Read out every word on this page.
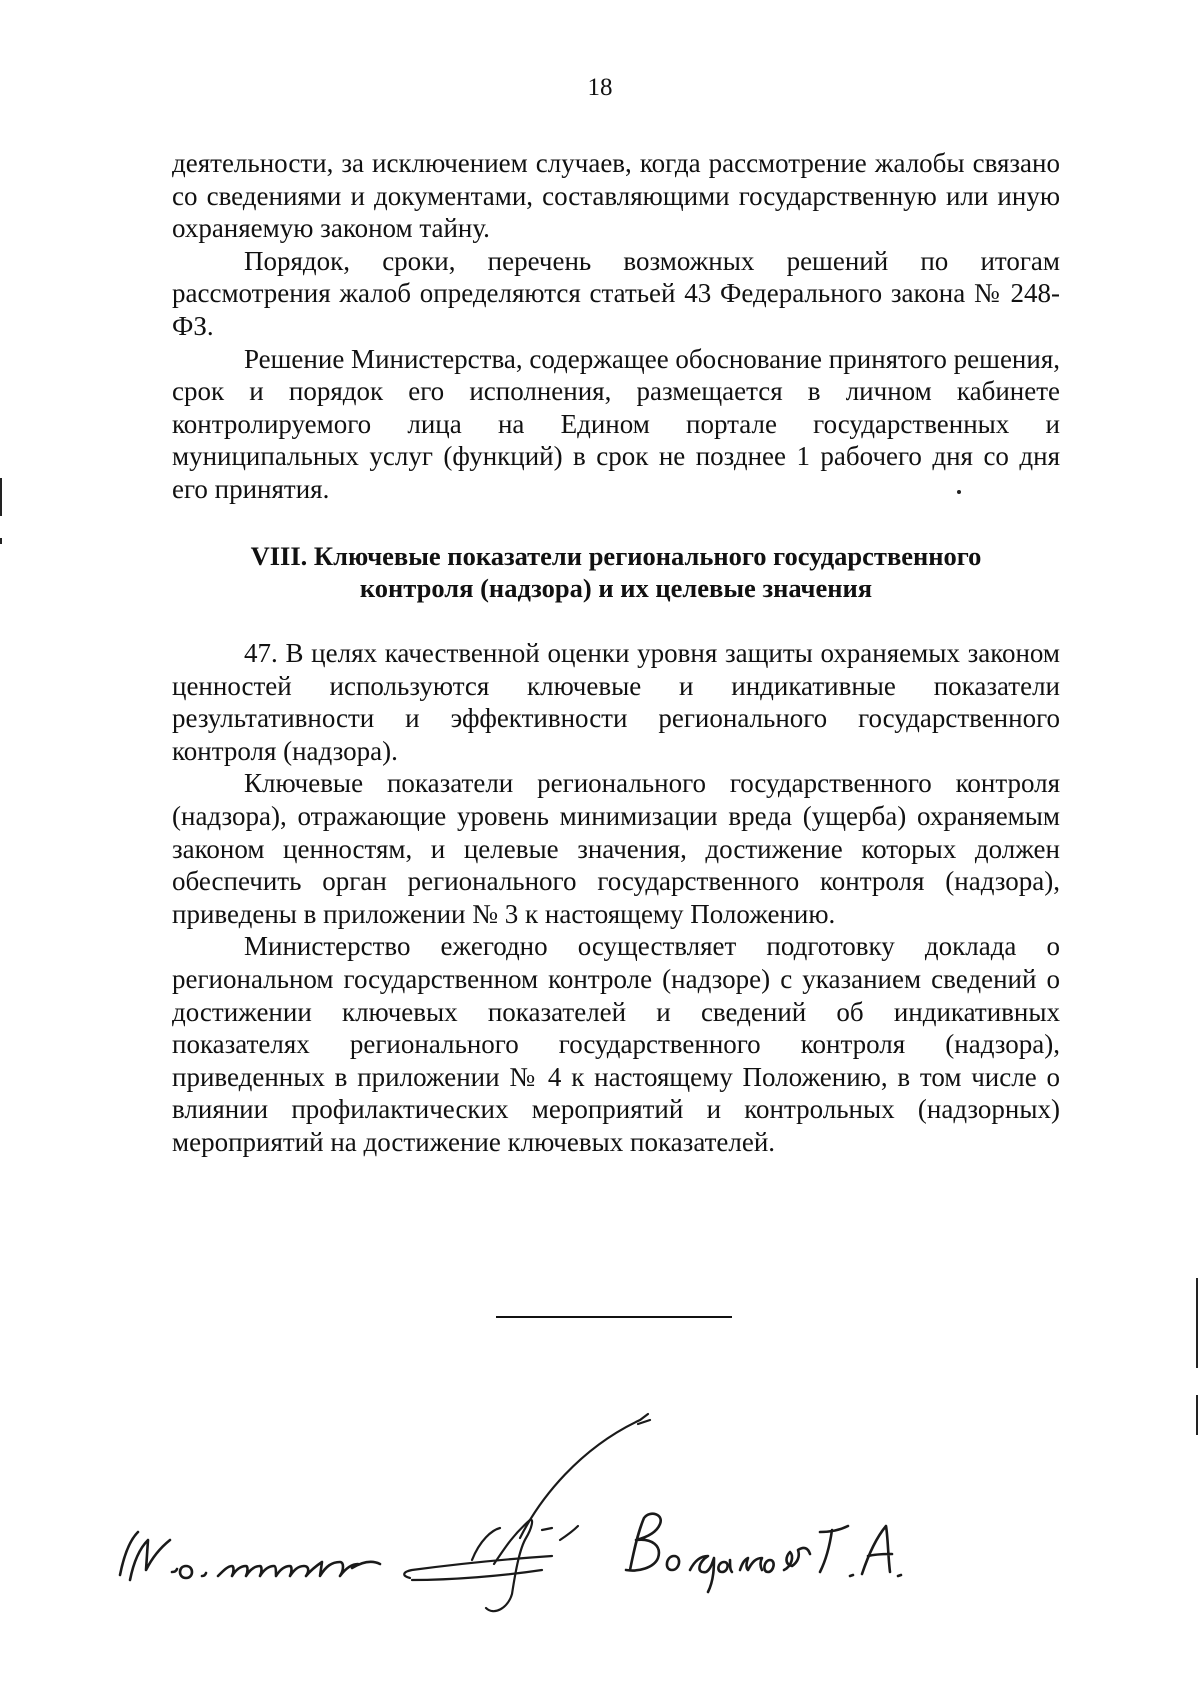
18

деятельности, за исключением случаев, когда рассмотрение жалобы связано со сведениями и документами, составляющими государственную или иную охраняемую законом тайну.

Порядок, сроки, перечень возможных решений по итогам рассмотрения жалоб определяются статьей 43 Федерального закона № 248-ФЗ.

Решение Министерства, содержащее обоснование принятого решения, срок и порядок его исполнения, размещается в личном кабинете контролируемого лица на Едином портале государственных и муниципальных услуг (функций) в срок не позднее 1 рабочего дня со дня его принятия.

VIII. Ключевые показатели регионального государственного
контроля (надзора) и их целевые значения

47. В целях качественной оценки уровня защиты охраняемых законом ценностей используются ключевые и индикативные показатели результативности и эффективности регионального государственного контроля (надзора).

Ключевые показатели регионального государственного контроля (надзора), отражающие уровень минимизации вреда (ущерба) охраняемым законом ценностям, и целевые значения, достижение которых должен обеспечить орган регионального государственного контроля (надзора), приведены в приложении № 3 к настоящему Положению.

Министерство ежегодно осуществляет подготовку доклада о региональном государственном контроле (надзоре) с указанием сведений о достижении ключевых показателей и сведений об индикативных показателях регионального государственного контроля (надзора), приведенных в приложении № 4 к настоящему Положению, в том числе о влиянии профилактических мероприятий и контрольных (надзорных) мероприятий на достижение ключевых показателей.
